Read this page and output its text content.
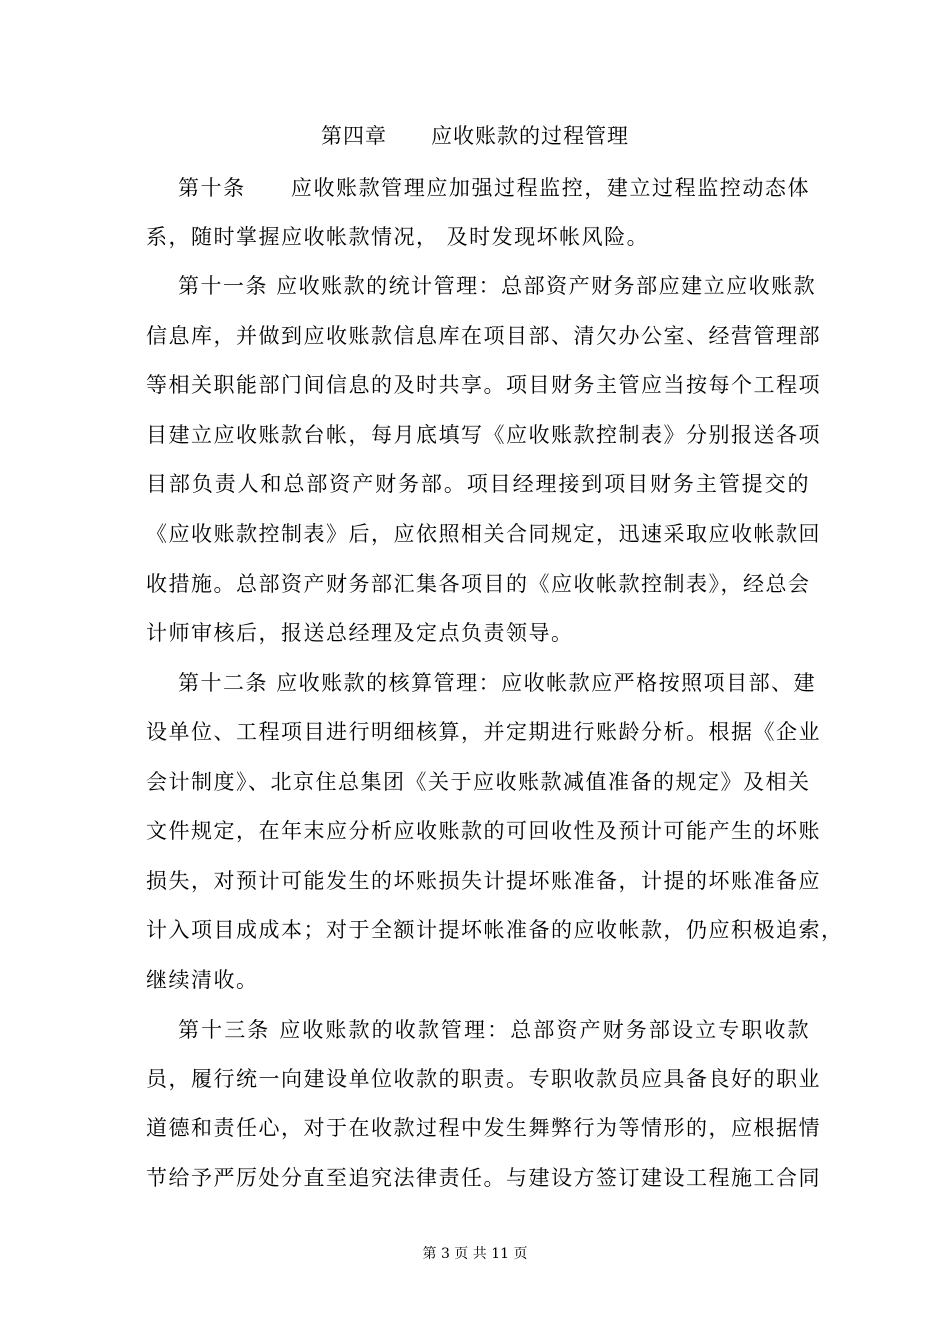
第四章 应收账款的过程管理
第十条　　应收账款管理应加强过程监控，建立过程监控动态体
系，随时掌握应收帐款情况， 及时发现坏帐风险。
第十一条 应收账款的统计管理：总部资产财务部应建立应收账款
信息库，并做到应收账款信息库在项目部、清欠办公室、经营管理部
等相关职能部门间信息的及时共享。项目财务主管应当按每个工程项
目建立应收账款台帐，每月底填写《应收账款控制表》分别报送各项
目部负责人和总部资产财务部。项目经理接到项目财务主管提交的
《应收账款控制表》后，应依照相关合同规定，迅速采取应收帐款回
收措施。总部资产财务部汇集各项目的《应收帐款控制表》，经总会
计师审核后，报送总经理及定点负责领导。
第十二条 应收账款的核算管理：应收帐款应严格按照项目部、建
设单位、工程项目进行明细核算，并定期进行账龄分析。根据《企业
会计制度》、北京住总集团《关于应收账款减值准备的规定》及相关
文件规定，在年末应分析应收账款的可回收性及预计可能产生的坏账
损失，对预计可能发生的坏账损失计提坏账准备，计提的坏账准备应
计入项目成成本；对于全额计提坏帐准备的应收帐款，仍应积极追索，
继续清收。
第十三条 应收账款的收款管理：总部资产财务部设立专职收款
员，履行统一向建设单位收款的职责。专职收款员应具备良好的职业
道德和责任心，对于在收款过程中发生舞弊行为等情形的，应根据情
节给予严厉处分直至追究法律责任。与建设方签订建设工程施工合同
第 3 页 共 11 页
